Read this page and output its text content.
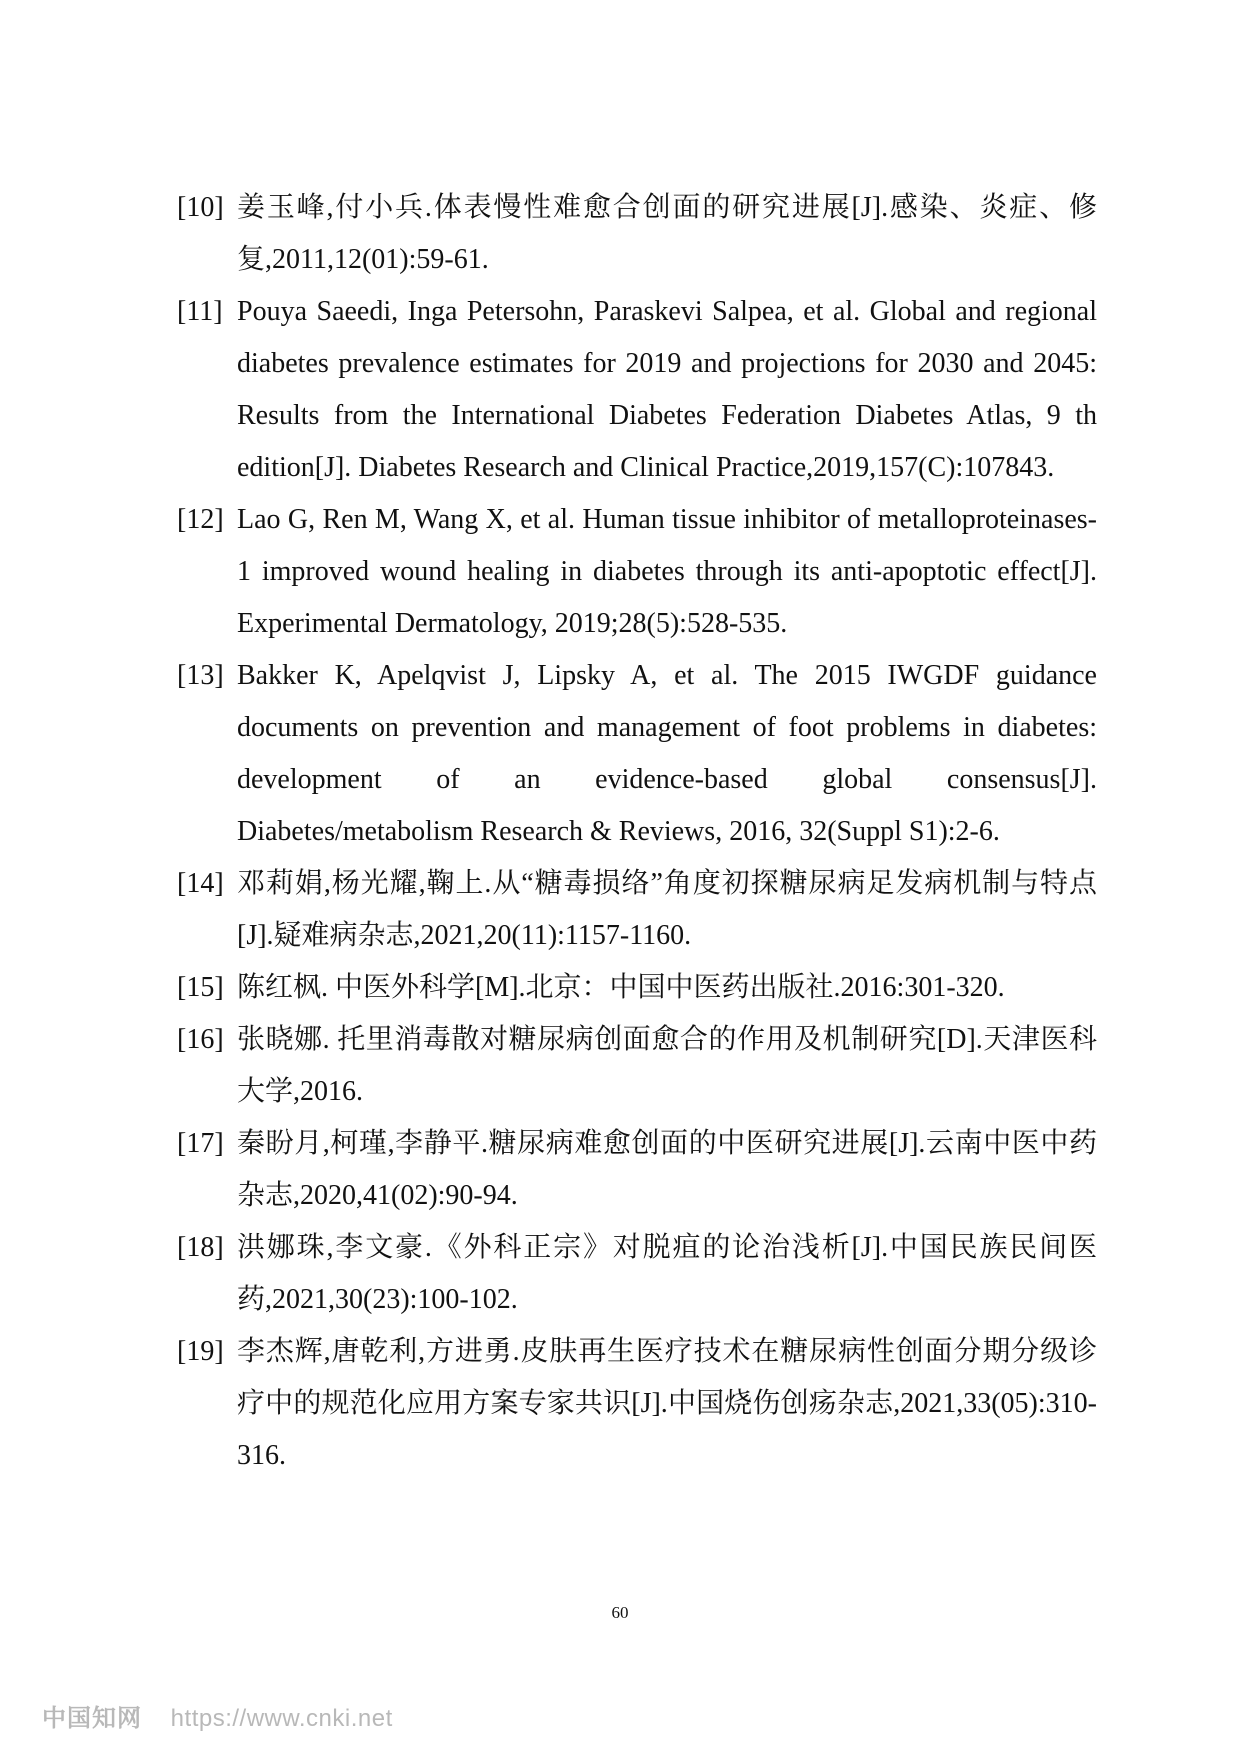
[10] 姜玉峰,付小兵.体表慢性难愈合创面的研究进展[J].感染、炎症、修复,2011,12(01):59-61.
[11] Pouya Saeedi, Inga Petersohn, Paraskevi Salpea, et al. Global and regional diabetes prevalence estimates for 2019 and projections for 2030 and 2045: Results from the International Diabetes Federation Diabetes Atlas, 9 th edition[J]. Diabetes Research and Clinical Practice,2019,157(C):107843.
[12] Lao G, Ren M, Wang X, et al. Human tissue inhibitor of metalloproteinases-1 improved wound healing in diabetes through its anti-apoptotic effect[J]. Experimental Dermatology, 2019;28(5):528-535.
[13] Bakker K, Apelqvist J, Lipsky A, et al. The 2015 IWGDF guidance documents on prevention and management of foot problems in diabetes: development of an evidence-based global consensus[J]. Diabetes/metabolism Research & Reviews, 2016, 32(Suppl S1):2-6.
[14] 邓莉娟,杨光耀,鞠上.从“糖毒损络”角度初探糖尿病足发病机制与特点[J].疑难病杂志,2021,20(11):1157-1160.
[15] 陈红枫. 中医外科学[M].北京：中国中医药出版社.2016:301-320.
[16] 张晓娜. 托里消毒散对糖尿病创面愈合的作用及机制研究[D].天津医科大学,2016.
[17] 秦盼月,柯瑾,李静平.糖尿病难愈创面的中医研究进展[J].云南中医中药杂志,2020,41(02):90-94.
[18] 洪娜珠,李文豪.《外科正宗》对脱疽的论治浅析[J].中国民族民间医药,2021,30(23):100-102.
[19] 李杰辉,唐乾利,方进勇.皮肤再生医疗技术在糖尿病性创面分期分级诊疗中的规范化应用方案专家共识[J].中国烧伤创疡杂志,2021,33(05):310-316.
60
中国知网 https://www.cnki.net
